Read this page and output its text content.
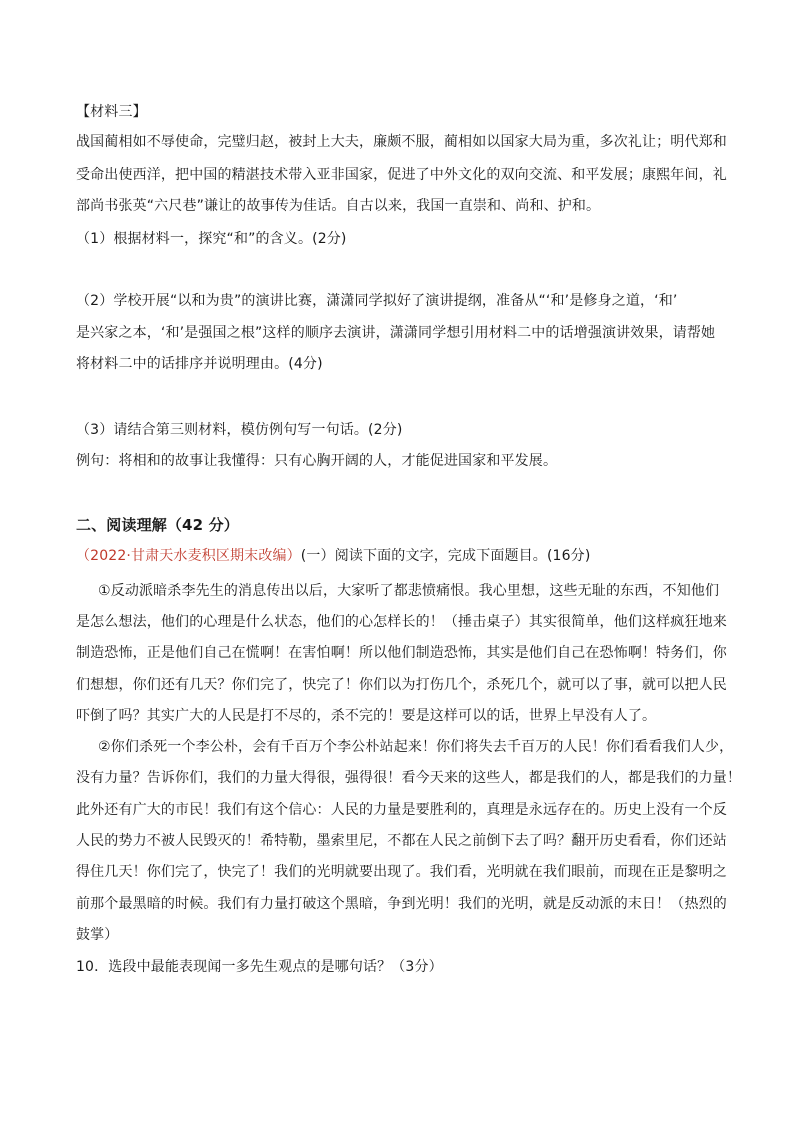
【材料三】
战国蔺相如不辱使命，完璧归赵，被封上大夫，廉颇不服，蔺相如以国家大局为重，多次礼让；明代郑和
受命出使西洋，把中国的精湛技术带入亚非国家，促进了中外文化的双向交流、和平发展；康熙年间，礼
部尚书张英“六尺巷”谦让的故事传为佳话。自古以来，我国一直崇和、尚和、护和。
（1）根据材料一，探究“和”的含义。(2分)
（2）学校开展“以和为贵”的演讲比赛，潇潇同学拟好了演讲提纲，准备从“‘和’是修身之道，‘和’
是兴家之本，‘和’是强国之根”这样的顺序去演讲，潇潇同学想引用材料二中的话增强演讲效果，请帮她
将材料二中的话排序并说明理由。(4分)
（3）请结合第三则材料，模仿例句写一句话。(2分)
例句：将相和的故事让我懂得：只有心胸开阔的人，才能促进国家和平发展。
二、阅读理解（42 分）
（2022·甘肃天水麦积区期末改编）(一）阅读下面的文字，完成下面题目。(16分)
①反动派暗杀李先生的消息传出以后，大家听了都悲愤痛恨。我心里想，这些无耻的东西，不知他们
是怎么想法，他们的心理是什么状态，他们的心怎样长的！（捶击桌子）其实很简单，他们这样疯狂地来
制造恐怖，正是他们自己在慌啊！在害怕啊！所以他们制造恐怖，其实是他们自己在恐怖啊！特务们，你
们想想，你们还有几天？你们完了，快完了！你们以为打伤几个，杀死几个，就可以了事，就可以把人民
吓倒了吗？其实广大的人民是打不尽的，杀不完的！要是这样可以的话，世界上早没有人了。
②你们杀死一个李公朴，会有千百万个李公朴站起来！你们将失去千百万的人民！你们看看我们人少，
没有力量？告诉你们，我们的力量大得很，强得很！看今天来的这些人，都是我们的人，都是我们的力量！
此外还有广大的市民！我们有这个信心：人民的力量是要胜利的，真理是永远存在的。历史上没有一个反
人民的势力不被人民毁灭的！希特勒，墨索里尼，不都在人民之前倒下去了吗？翻开历史看看，你们还站
得住几天！你们完了，快完了！我们的光明就要出现了。我们看，光明就在我们眼前，而现在正是黎明之
前那个最黑暗的时候。我们有力量打破这个黑暗，争到光明！我们的光明，就是反动派的末日！（热烈的
鼓掌）
10．选段中最能表现闻一多先生观点的是哪句话？（3分）
